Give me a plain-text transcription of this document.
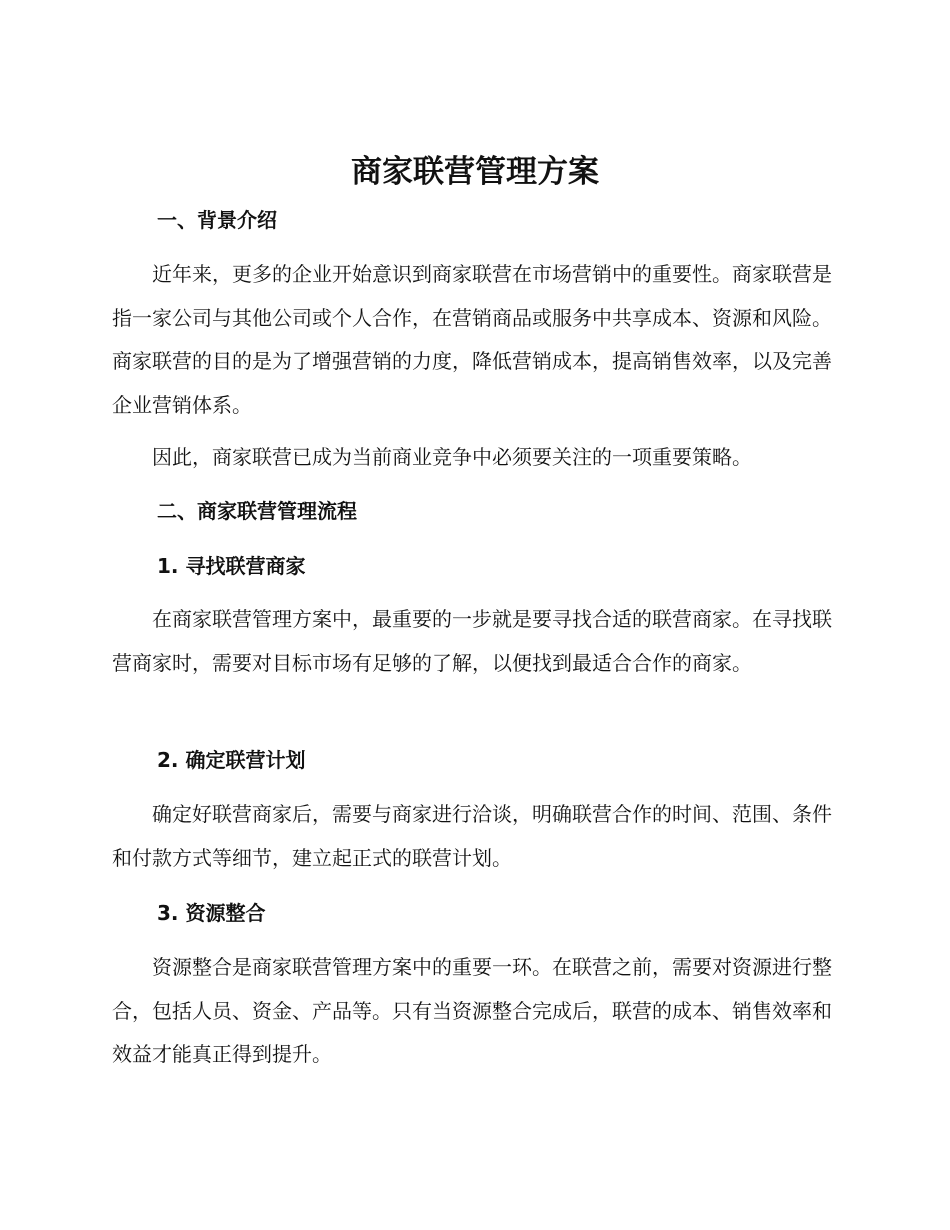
商家联营管理方案
一、背景介绍

近年来，更多的企业开始意识到商家联营在市场营销中的重要性。商家联营是指一家公司与其他公司或个人合作，在营销商品或服务中共享成本、资源和风险。商家联营的目的是为了增强营销的力度，降低营销成本，提高销售效率，以及完善企业营销体系。

因此，商家联营已成为当前商业竞争中必须要关注的一项重要策略。

二、商家联营管理流程
1. 寻找联营商家

在商家联营管理方案中，最重要的一步就是要寻找合适的联营商家。在寻找联营商家时，需要对目标市场有足够的了解，以便找到最适合合作的商家。

2. 确定联营计划

确定好联营商家后，需要与商家进行洽谈，明确联营合作的时间、范围、条件和付款方式等细节，建立起正式的联营计划。

3. 资源整合

资源整合是商家联营管理方案中的重要一环。在联营之前，需要对资源进行整合，包括人员、资金、产品等。只有当资源整合完成后，联营的成本、销售效率和效益才能真正得到提升。
